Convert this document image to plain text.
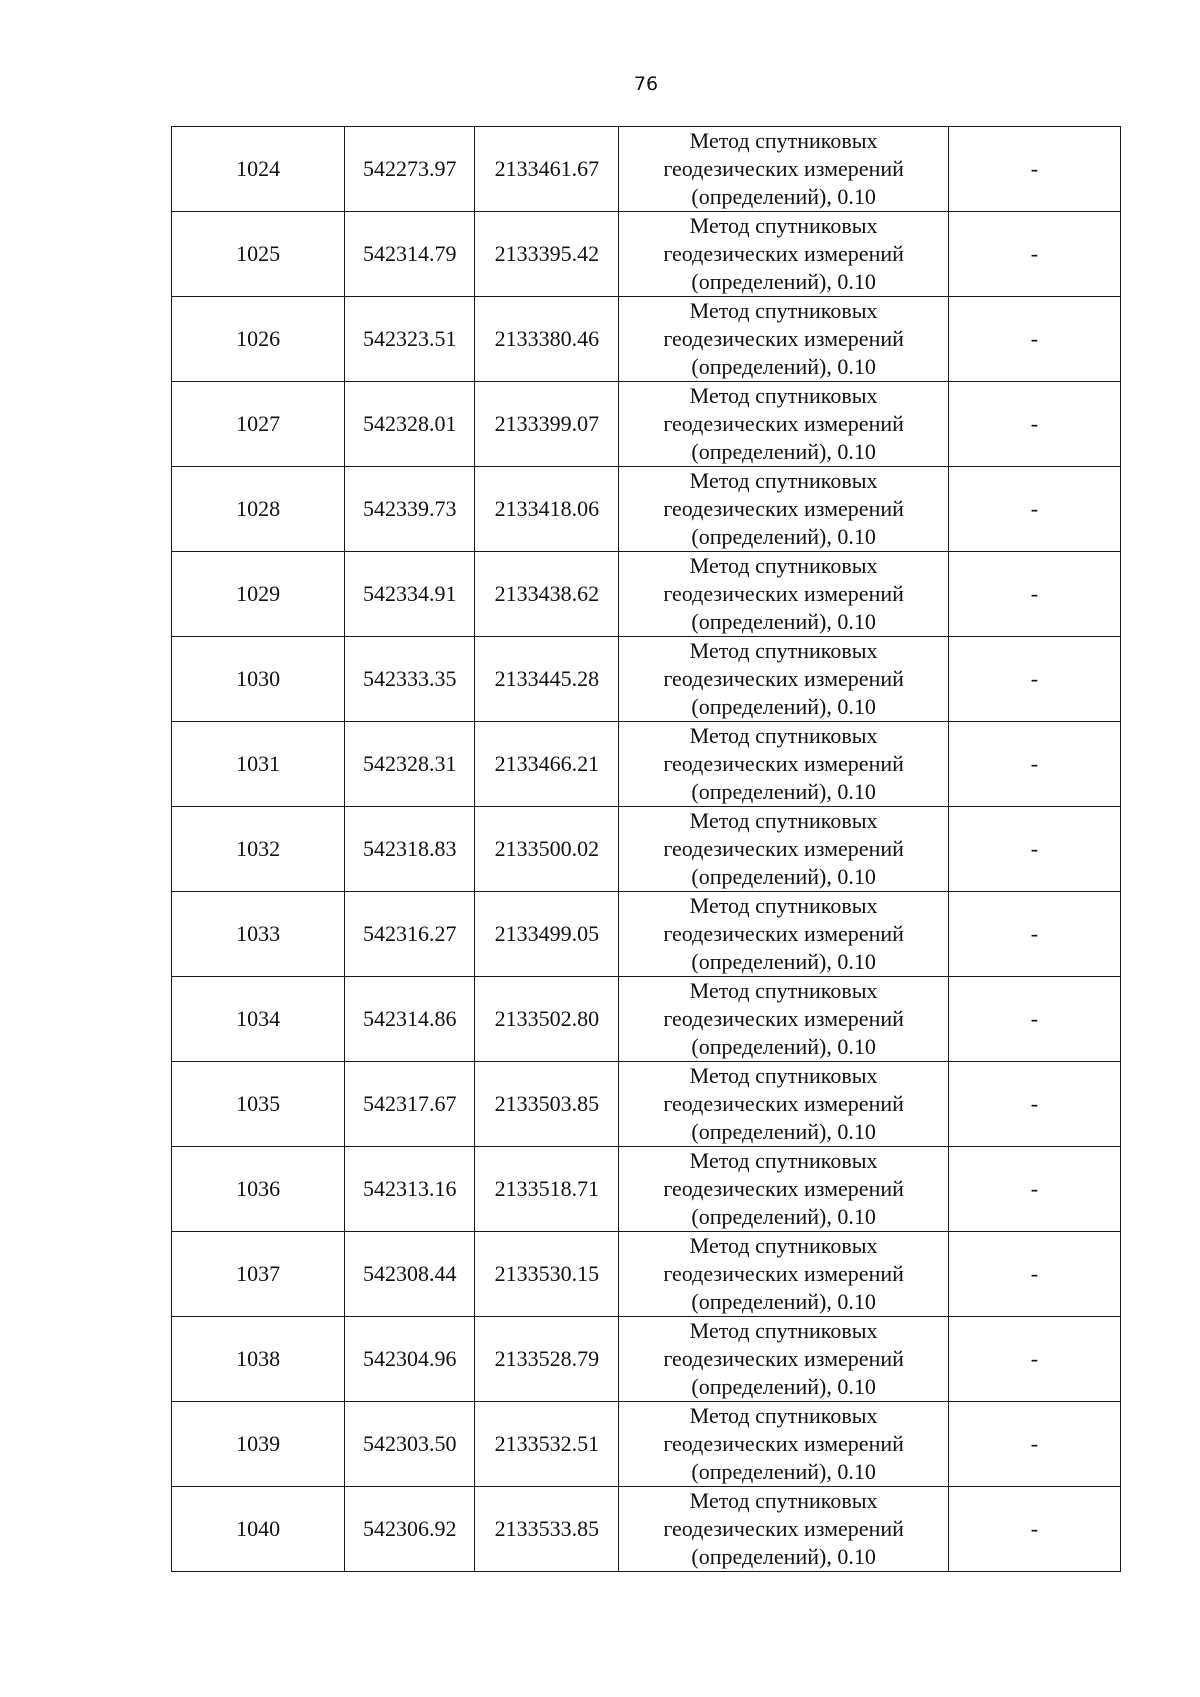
76
1024	542273.97	2133461.67	Метод спутниковых
геодезических измерений
(определений), 0.10	-
1025	542314.79	2133395.42	Метод спутниковых
геодезических измерений
(определений), 0.10	-
1026	542323.51	2133380.46	Метод спутниковых
геодезических измерений
(определений), 0.10	-
1027	542328.01	2133399.07	Метод спутниковых
геодезических измерений
(определений), 0.10	-
1028	542339.73	2133418.06	Метод спутниковых
геодезических измерений
(определений), 0.10	-
1029	542334.91	2133438.62	Метод спутниковых
геодезических измерений
(определений), 0.10	-
1030	542333.35	2133445.28	Метод спутниковых
геодезических измерений
(определений), 0.10	-
1031	542328.31	2133466.21	Метод спутниковых
геодезических измерений
(определений), 0.10	-
1032	542318.83	2133500.02	Метод спутниковых
геодезических измерений
(определений), 0.10	-
1033	542316.27	2133499.05	Метод спутниковых
геодезических измерений
(определений), 0.10	-
1034	542314.86	2133502.80	Метод спутниковых
геодезических измерений
(определений), 0.10	-
1035	542317.67	2133503.85	Метод спутниковых
геодезических измерений
(определений), 0.10	-
1036	542313.16	2133518.71	Метод спутниковых
геодезических измерений
(определений), 0.10	-
1037	542308.44	2133530.15	Метод спутниковых
геодезических измерений
(определений), 0.10	-
1038	542304.96	2133528.79	Метод спутниковых
геодезических измерений
(определений), 0.10	-
1039	542303.50	2133532.51	Метод спутниковых
геодезических измерений
(определений), 0.10	-
1040	542306.92	2133533.85	Метод спутниковых
геодезических измерений
(определений), 0.10	-
